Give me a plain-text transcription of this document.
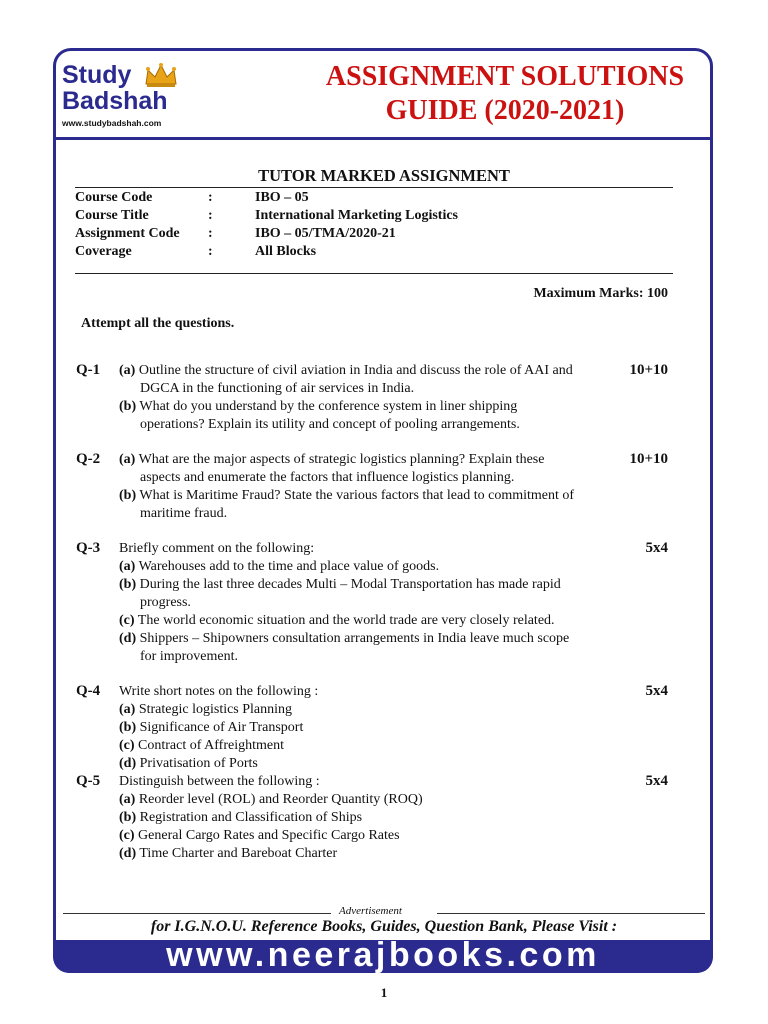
Study
Badshah
www.studybadshah.com
ASSIGNMENT SOLUTIONS
GUIDE (2020-2021)
TUTOR MARKED ASSIGNMENT
Course Code	:	IBO – 05
Course Title	:	International Marketing Logistics
Assignment Code	:	IBO – 05/TMA/2020-21
Coverage	:	All Blocks
Maximum Marks: 100
Attempt all the questions.
Q-1	10+10
(a) Outline the structure of civil aviation in India and discuss the role of AAI and
DGCA in the functioning of air services in India.
(b) What do you understand by the conference system in liner shipping
operations? Explain its utility and concept of pooling arrangements.
Q-2	10+10
(a) What are the major aspects of strategic logistics planning? Explain these
aspects and enumerate the factors that influence logistics planning.
(b) What is Maritime Fraud? State the various factors that lead to commitment of
maritime fraud.
Q-3	5x4
Briefly comment on the following:
(a) Warehouses add to the time and place value of goods.
(b) During the last three decades Multi – Modal Transportation has made rapid
progress.
(c) The world economic situation and the world trade are very closely related.
(d) Shippers – Shipowners consultation arrangements in India leave much scope
for improvement.
Q-4	5x4
Write short notes on the following :
(a) Strategic logistics Planning
(b) Significance of Air Transport
(c) Contract of Affreightment
(d) Privatisation of Ports
Q-5	5x4
Distinguish between the following :
(a) Reorder level (ROL) and Reorder Quantity (ROQ)
(b) Registration and Classification of Ships
(c) General Cargo Rates and Specific Cargo Rates
(d) Time Charter and Bareboat Charter
Advertisement
for I.G.N.O.U. Reference Books, Guides, Question Bank, Please Visit :
www.neerajbooks.com
1
